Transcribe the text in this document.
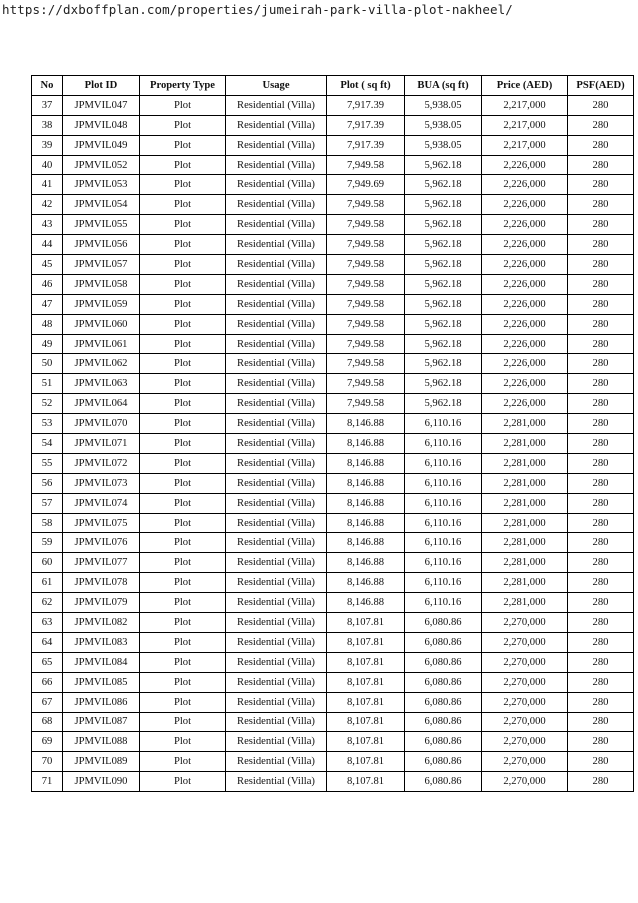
https://dxboffplan.com/properties/jumeirah-park-villa-plot-nakheel/
No	Plot ID	Property Type	Usage	Plot ( sq ft)	BUA (sq ft)	Price (AED)	PSF(AED)
37	JPMVIL047	Plot	Residential (Villa)	7,917.39	5,938.05	2,217,000	280
38	JPMVIL048	Plot	Residential (Villa)	7,917.39	5,938.05	2,217,000	280
39	JPMVIL049	Plot	Residential (Villa)	7,917.39	5,938.05	2,217,000	280
40	JPMVIL052	Plot	Residential (Villa)	7,949.58	5,962.18	2,226,000	280
41	JPMVIL053	Plot	Residential (Villa)	7,949.69	5,962.18	2,226,000	280
42	JPMVIL054	Plot	Residential (Villa)	7,949.58	5,962.18	2,226,000	280
43	JPMVIL055	Plot	Residential (Villa)	7,949.58	5,962.18	2,226,000	280
44	JPMVIL056	Plot	Residential (Villa)	7,949.58	5,962.18	2,226,000	280
45	JPMVIL057	Plot	Residential (Villa)	7,949.58	5,962.18	2,226,000	280
46	JPMVIL058	Plot	Residential (Villa)	7,949.58	5,962.18	2,226,000	280
47	JPMVIL059	Plot	Residential (Villa)	7,949.58	5,962.18	2,226,000	280
48	JPMVIL060	Plot	Residential (Villa)	7,949.58	5,962.18	2,226,000	280
49	JPMVIL061	Plot	Residential (Villa)	7,949.58	5,962.18	2,226,000	280
50	JPMVIL062	Plot	Residential (Villa)	7,949.58	5,962.18	2,226,000	280
51	JPMVIL063	Plot	Residential (Villa)	7,949.58	5,962.18	2,226,000	280
52	JPMVIL064	Plot	Residential (Villa)	7,949.58	5,962.18	2,226,000	280
53	JPMVIL070	Plot	Residential (Villa)	8,146.88	6,110.16	2,281,000	280
54	JPMVIL071	Plot	Residential (Villa)	8,146.88	6,110.16	2,281,000	280
55	JPMVIL072	Plot	Residential (Villa)	8,146.88	6,110.16	2,281,000	280
56	JPMVIL073	Plot	Residential (Villa)	8,146.88	6,110.16	2,281,000	280
57	JPMVIL074	Plot	Residential (Villa)	8,146.88	6,110.16	2,281,000	280
58	JPMVIL075	Plot	Residential (Villa)	8,146.88	6,110.16	2,281,000	280
59	JPMVIL076	Plot	Residential (Villa)	8,146.88	6,110.16	2,281,000	280
60	JPMVIL077	Plot	Residential (Villa)	8,146.88	6,110.16	2,281,000	280
61	JPMVIL078	Plot	Residential (Villa)	8,146.88	6,110.16	2,281,000	280
62	JPMVIL079	Plot	Residential (Villa)	8,146.88	6,110.16	2,281,000	280
63	JPMVIL082	Plot	Residential (Villa)	8,107.81	6,080.86	2,270,000	280
64	JPMVIL083	Plot	Residential (Villa)	8,107.81	6,080.86	2,270,000	280
65	JPMVIL084	Plot	Residential (Villa)	8,107.81	6,080.86	2,270,000	280
66	JPMVIL085	Plot	Residential (Villa)	8,107.81	6,080.86	2,270,000	280
67	JPMVIL086	Plot	Residential (Villa)	8,107.81	6,080.86	2,270,000	280
68	JPMVIL087	Plot	Residential (Villa)	8,107.81	6,080.86	2,270,000	280
69	JPMVIL088	Plot	Residential (Villa)	8,107.81	6,080.86	2,270,000	280
70	JPMVIL089	Plot	Residential (Villa)	8,107.81	6,080.86	2,270,000	280
71	JPMVIL090	Plot	Residential (Villa)	8,107.81	6,080.86	2,270,000	280
